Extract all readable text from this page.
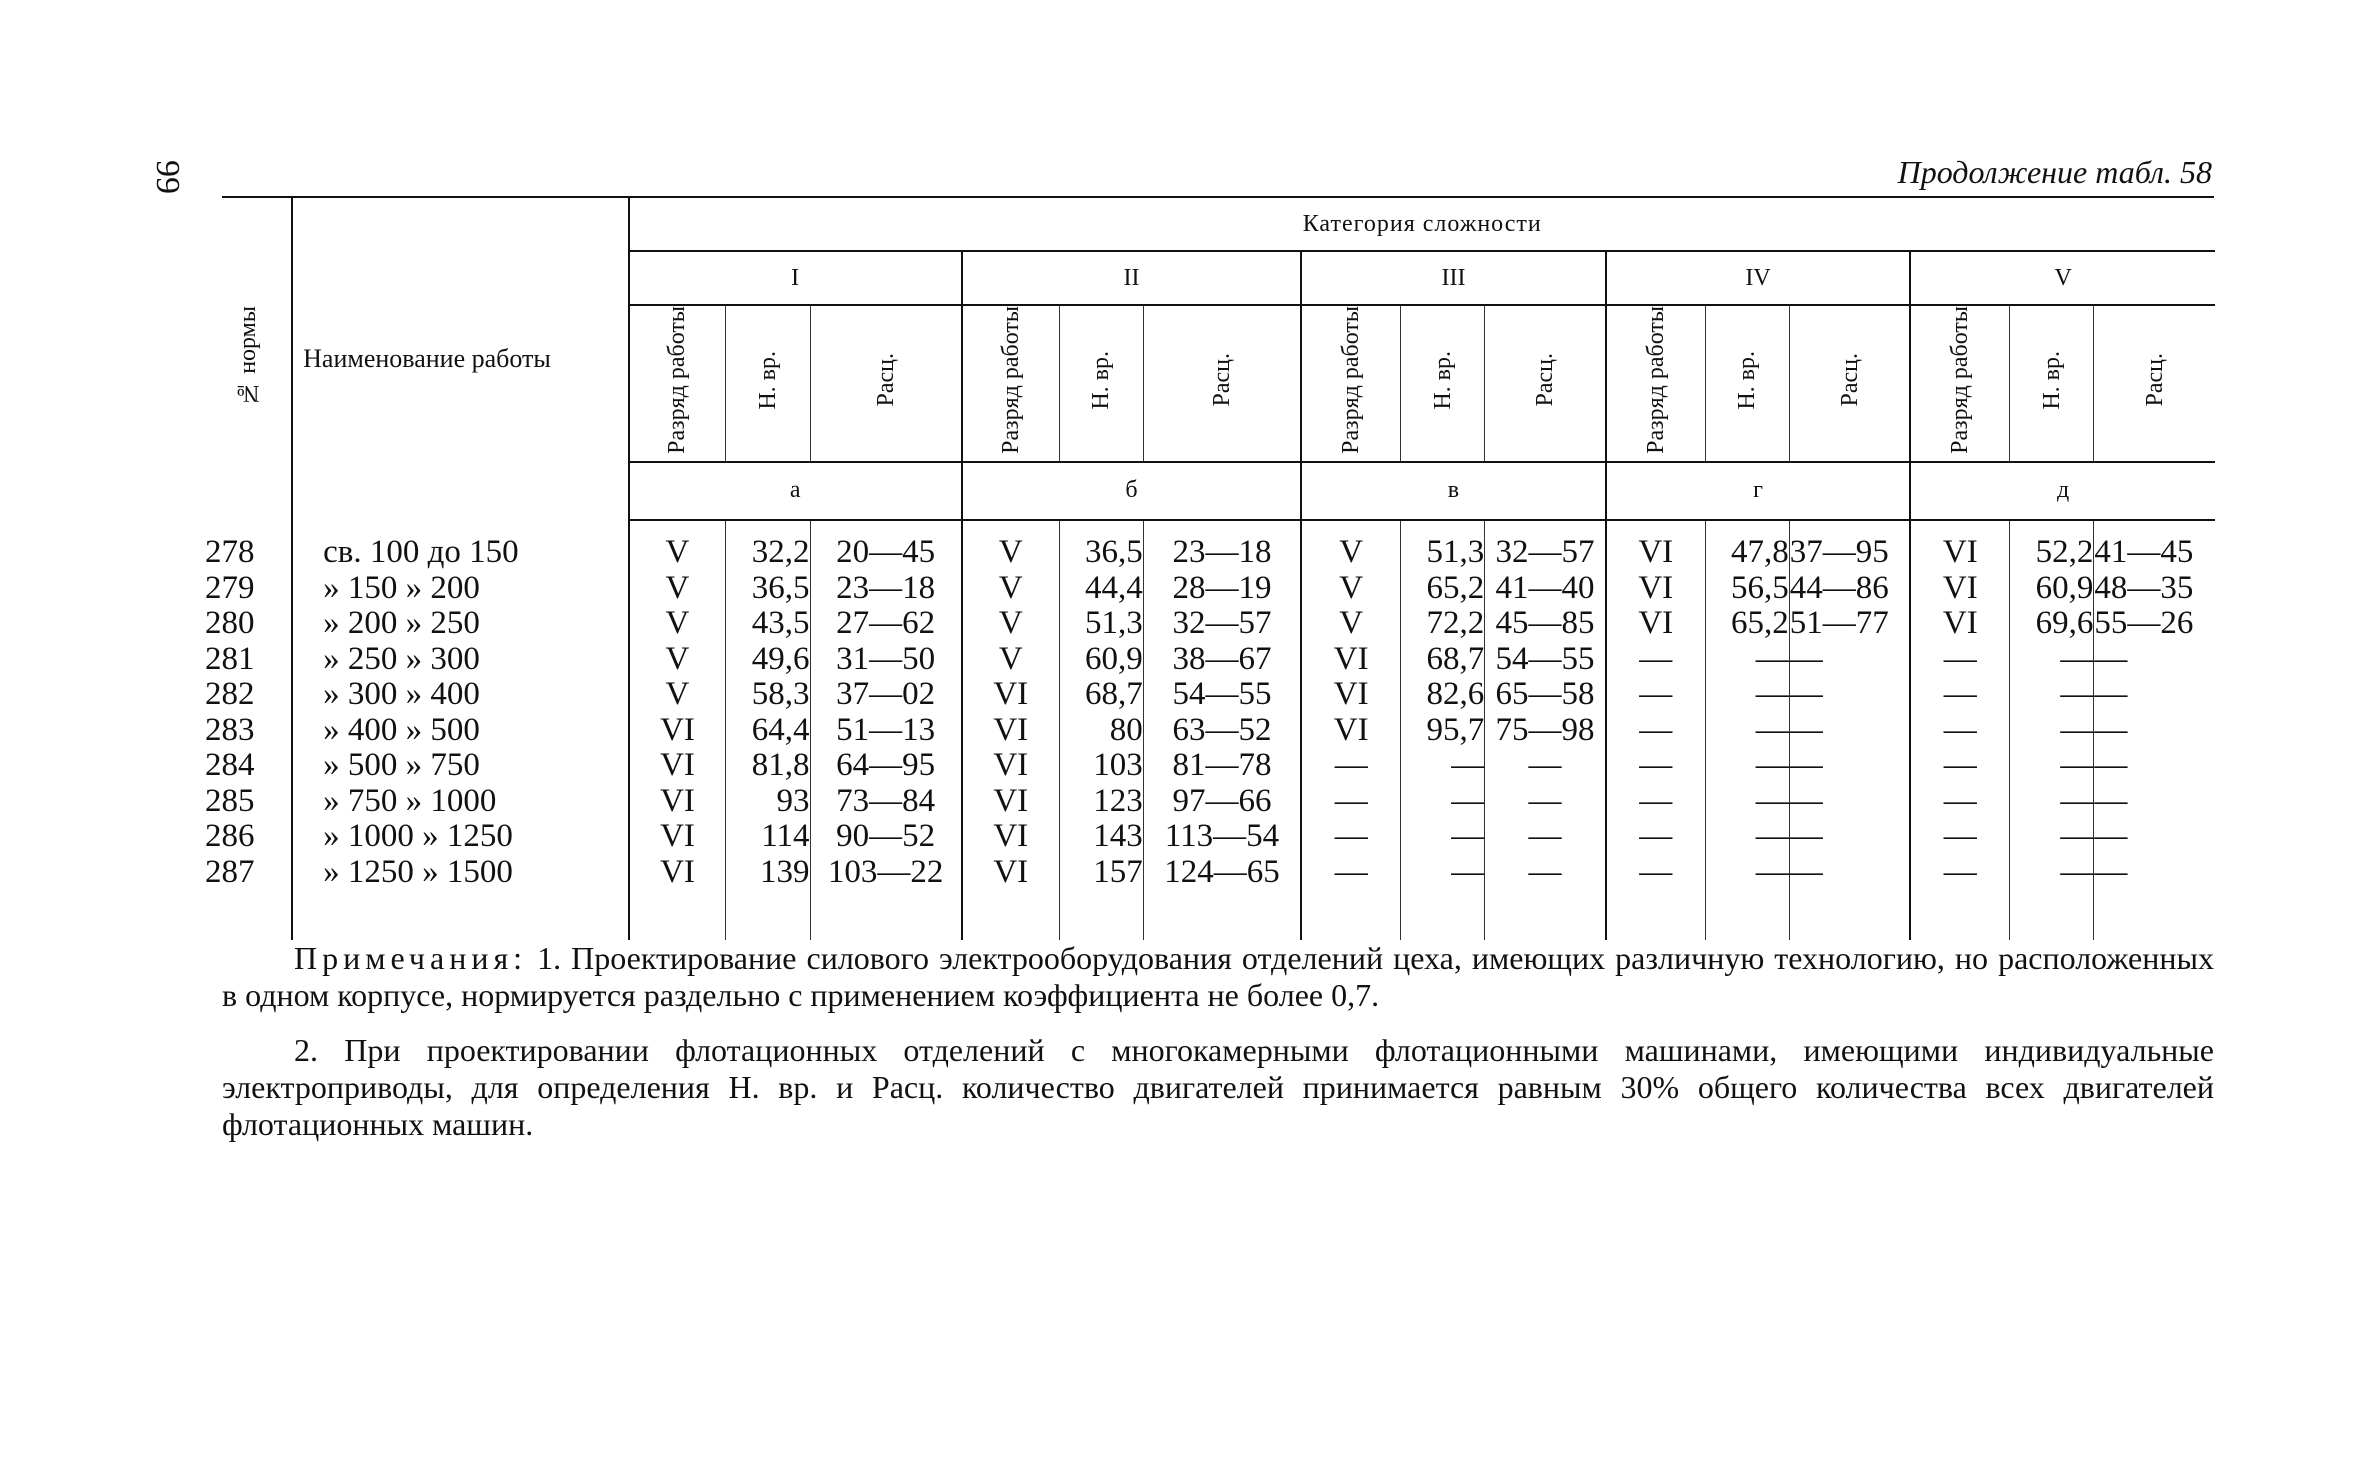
99	Продолжение табл. 58
№ нормы	Наименование работы	Категория сложности														
		I			II			III			IV			V		
		Разряд работы	Н. вр.	Расц.	Разряд работы	Н. вр.	Расц.	Разряд работы	Н. вр.	Расц.	Разряд работы	Н. вр.	Расц.	Разряд работы	Н. вр.	Расц.
		а			б			в			г			д		
278	св. 100 до 150	V	32,2	20—45	V	36,5	23—18	V	51,3	32—57	VI	47,8	37—95	VI	52,2	41—45
279	» 150 » 200	V	36,5	23—18	V	44,4	28—19	V	65,2	41—40	VI	56,5	44—86	VI	60,9	48—35
280	» 200 » 250	V	43,5	27—62	V	51,3	32—57	V	72,2	45—85	VI	65,2	51—77	VI	69,6	55—26
281	» 250 » 300	V	49,6	31—50	V	60,9	38—67	VI	68,7	54—55	—	—	—	—	—	—
282	» 300 » 400	V	58,3	37—02	VI	68,7	54—55	VI	82,6	65—58	—	—	—	—	—	—
283	» 400 » 500	VI	64,4	51—13	VI	80	63—52	VI	95,7	75—98	—	—	—	—	—	—
284	» 500 » 750	VI	81,8	64—95	VI	103	81—78	—	—	—	—	—	—	—	—	—
285	» 750 » 1000	VI	93	73—84	VI	123	97—66	—	—	—	—	—	—	—	—	—
286	» 1000 » 1250	VI	114	90—52	VI	143	113—54	—	—	—	—	—	—	—	—	—
287	» 1250 » 1500	VI	139	103—22	VI	157	124—65	—	—	—	—	—	—	—	—	—

Примечания: 1. Проектирование силового электрооборудования отделений цеха, имеющих различную технологию, но расположенных в одном корпусе, нормируется раздельно с применением коэффициента не более 0,7.

2. При проектировании флотационных отделений с многокамерными флотационными машинами, имеющими индивидуальные электроприводы, для определения Н. вр. и Расц. количество двигателей принимается равным 30% общего количества всех двигателей флотационных машин.
